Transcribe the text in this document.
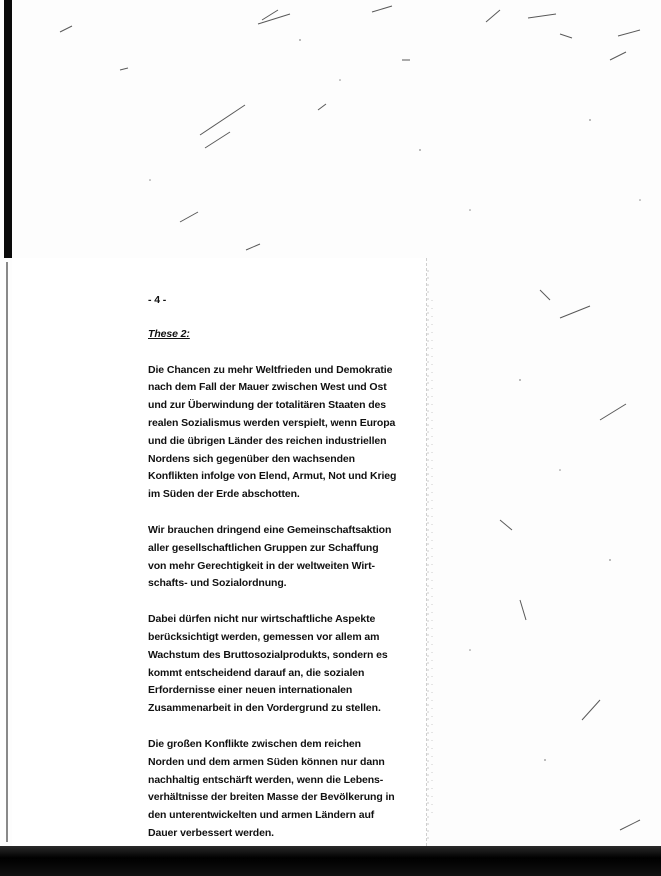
- 4 -
These 2:

Die Chancen zu mehr Weltfrieden und Demokratie
nach dem Fall der Mauer zwischen West und Ost
und zur Überwindung der totalitären Staaten des
realen Sozialismus werden verspielt, wenn Europa
und die übrigen Länder des reichen industriellen
Nordens sich gegenüber den wachsenden
Konflikten infolge von Elend, Armut, Not und Krieg
im Süden der Erde abschotten.

Wir brauchen dringend eine Gemeinschaftsaktion
aller gesellschaftlichen Gruppen zur Schaffung
von mehr Gerechtigkeit in der weltweiten Wirt-
schafts- und Sozialordnung.

Dabei dürfen nicht nur wirtschaftliche Aspekte
berücksichtigt werden, gemessen vor allem am
Wachstum des Bruttosozialprodukts, sondern es
kommt entscheidend darauf an, die sozialen
Erfordernisse einer neuen internationalen
Zusammenarbeit in den Vordergrund zu stellen.

Die großen Konflikte zwischen dem reichen
Norden und dem armen Süden können nur dann
nachhaltig entschärft werden, wenn die Lebens-
verhältnisse der breiten Masse der Bevölkerung in
den unterentwickelten und armen Ländern auf
Dauer verbessert werden.
